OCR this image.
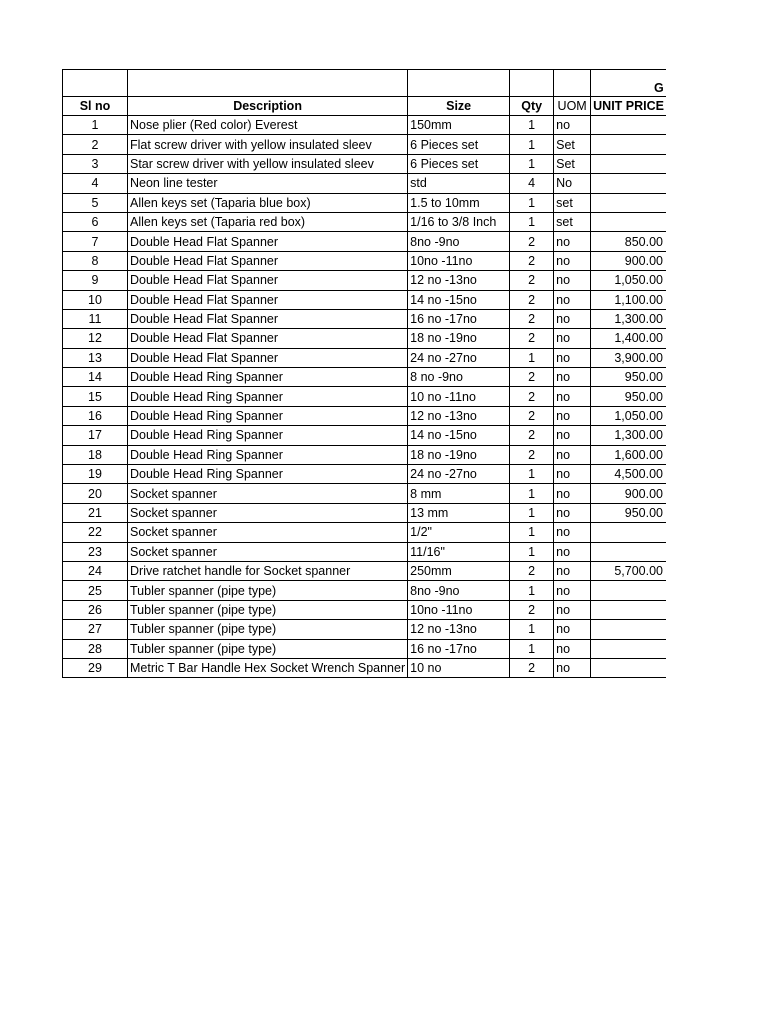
G

Sl no	Description	Size	Qty	UOM	UNIT PRICE
1	Nose plier (Red color) Everest	150mm	1	no	
2	Flat screw driver with yellow insulated sleev	6 Pieces set	1	Set	
3	Star screw driver with yellow insulated sleev	6 Pieces set	1	Set	
4	Neon line tester	std	4	No	
5	Allen keys set (Taparia blue box)	1.5 to 10mm	1	set	
6	Allen keys set (Taparia red box)	1/16 to 3/8 Inch	1	set	
7	Double Head Flat Spanner	8no -9no	2	no	850.00
8	Double Head Flat Spanner	10no -11no	2	no	900.00
9	Double Head Flat Spanner	12 no -13no	2	no	1,050.00
10	Double Head Flat Spanner	14 no -15no	2	no	1,100.00
11	Double Head Flat Spanner	16 no -17no	2	no	1,300.00
12	Double Head Flat Spanner	18 no -19no	2	no	1,400.00
13	Double Head Flat Spanner	24 no -27no	1	no	3,900.00
14	Double Head Ring Spanner	8 no -9no	2	no	950.00
15	Double Head Ring Spanner	10 no -11no	2	no	950.00
16	Double Head Ring Spanner	12 no -13no	2	no	1,050.00
17	Double Head Ring Spanner	14 no -15no	2	no	1,300.00
18	Double Head Ring Spanner	18 no -19no	2	no	1,600.00
19	Double Head Ring Spanner	24 no -27no	1	no	4,500.00
20	Socket spanner	8 mm	1	no	900.00
21	Socket spanner	13 mm	1	no	950.00
22	Socket spanner	1/2"	1	no	
23	Socket spanner	11/16"	1	no	
24	Drive ratchet handle for Socket spanner	250mm	2	no	5,700.00
25	Tubler spanner (pipe type)	8no -9no	1	no	
26	Tubler spanner (pipe type)	10no -11no	2	no	
27	Tubler spanner (pipe type)	12 no -13no	1	no	
28	Tubler spanner (pipe type)	16 no -17no	1	no	
29	Metric T Bar Handle Hex Socket Wrench Spanner	10 no	2	no	
